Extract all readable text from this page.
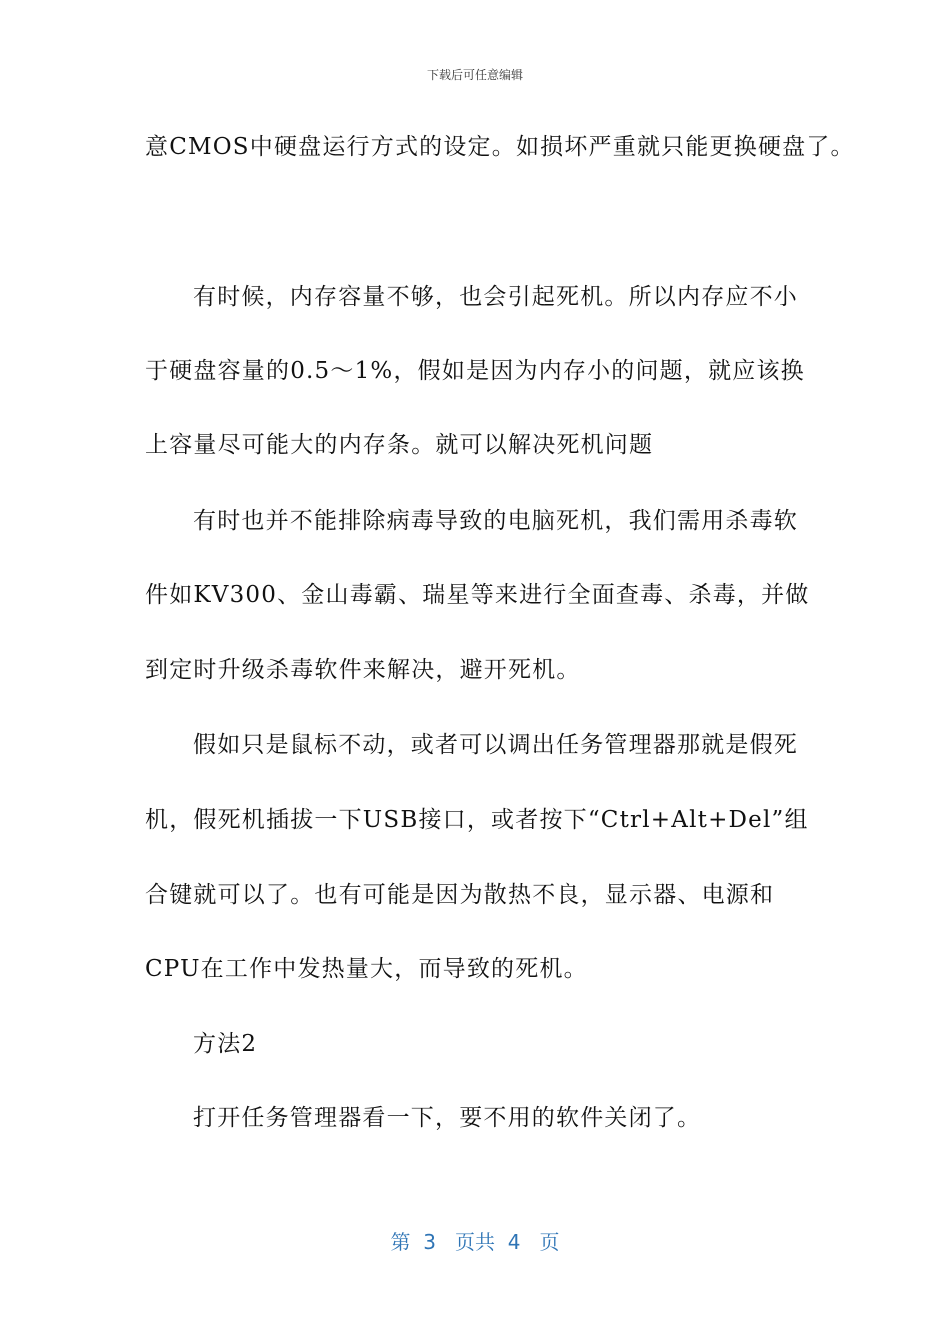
下载后可任意编辑
意CMOS中硬盘运行方式的设定。如损坏严重就只能更换硬盘了。
有时候，内存容量不够，也会引起死机。所以内存应不小
于硬盘容量的0.5～1%，假如是因为内存小的问题，就应该换
上容量尽可能大的内存条。就可以解决死机问题
有时也并不能排除病毒导致的电脑死机，我们需用杀毒软
件如KV300、金山毒霸、瑞星等来进行全面查毒、杀毒，并做
到定时升级杀毒软件来解决，避开死机。
假如只是鼠标不动，或者可以调出任务管理器那就是假死
机，假死机插拔一下USB接口，或者按下“Ctrl+Alt+Del”组
合键就可以了。也有可能是因为散热不良，显示器、电源和
CPU在工作中发热量大，而导致的死机。
方法2
打开任务管理器看一下，要不用的软件关闭了。
第 3 页共 4 页
